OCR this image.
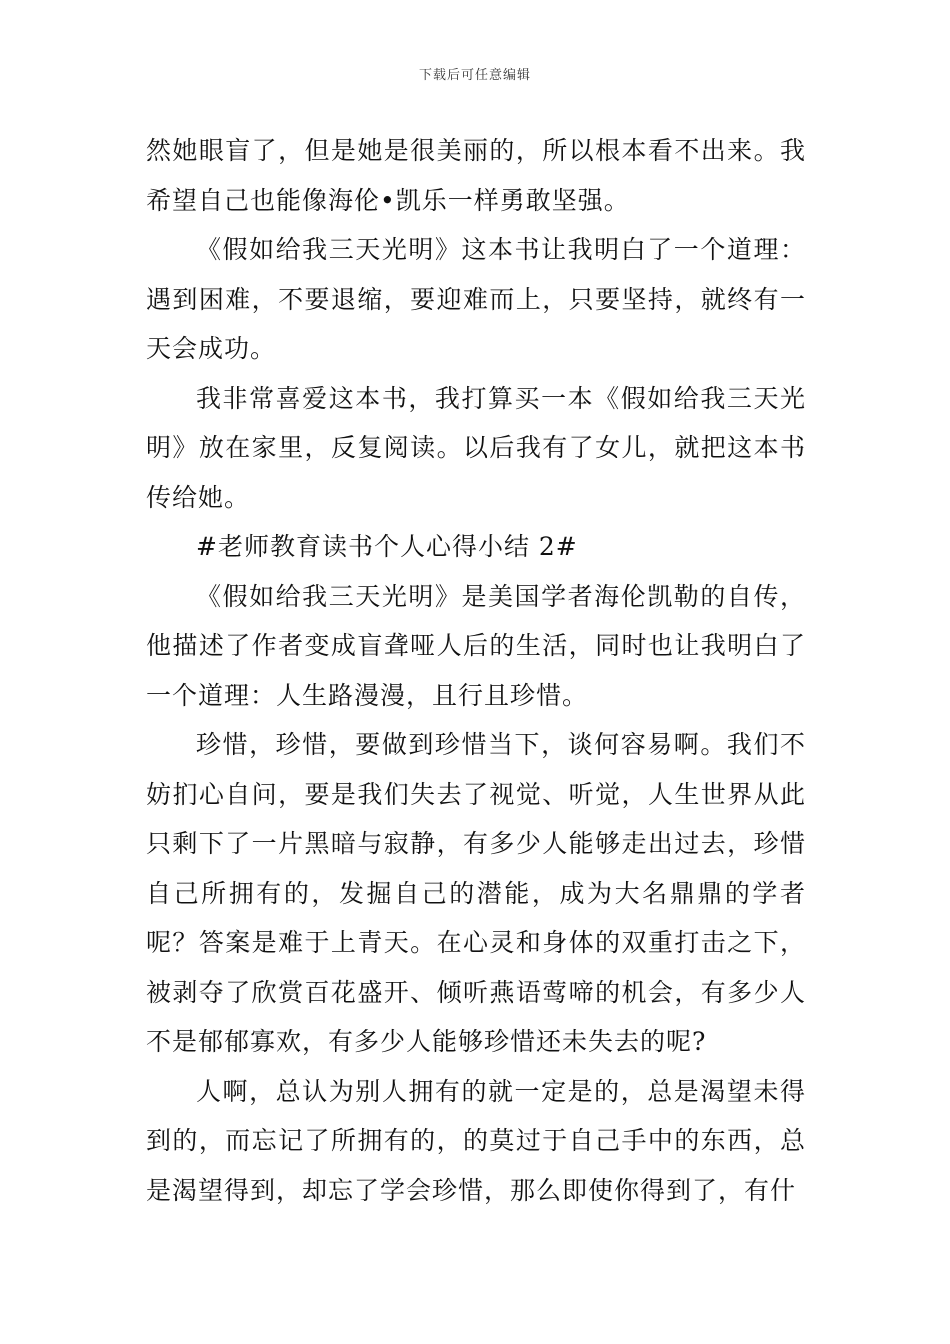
下载后可任意编辑

然她眼盲了，但是她是很美丽的，所以根本看不出来。我希望自己也能像海伦•凯乐一样勇敢坚强。

《假如给我三天光明》这本书让我明白了一个道理：遇到困难，不要退缩，要迎难而上，只要坚持，就终有一天会成功。

我非常喜爱这本书，我打算买一本《假如给我三天光明》放在家里，反复阅读。以后我有了女儿，就把这本书传给她。

#老师教育读书个人心得小结 2#

《假如给我三天光明》是美国学者海伦凯勒的自传，他描述了作者变成盲聋哑人后的生活，同时也让我明白了一个道理：人生路漫漫，且行且珍惜。

珍惜，珍惜，要做到珍惜当下，谈何容易啊。我们不妨扪心自问，要是我们失去了视觉、听觉，人生世界从此只剩下了一片黑暗与寂静，有多少人能够走出过去，珍惜自己所拥有的，发掘自己的潜能，成为大名鼎鼎的学者呢？答案是难于上青天。在心灵和身体的双重打击之下，被剥夺了欣赏百花盛开、倾听燕语莺啼的机会，有多少人不是郁郁寡欢，有多少人能够珍惜还未失去的呢?

人啊，总认为别人拥有的就一定是的，总是渴望未得到的，而忘记了所拥有的，的莫过于自己手中的东西，总是渴望得到，却忘了学会珍惜，那么即使你得到了，有什
